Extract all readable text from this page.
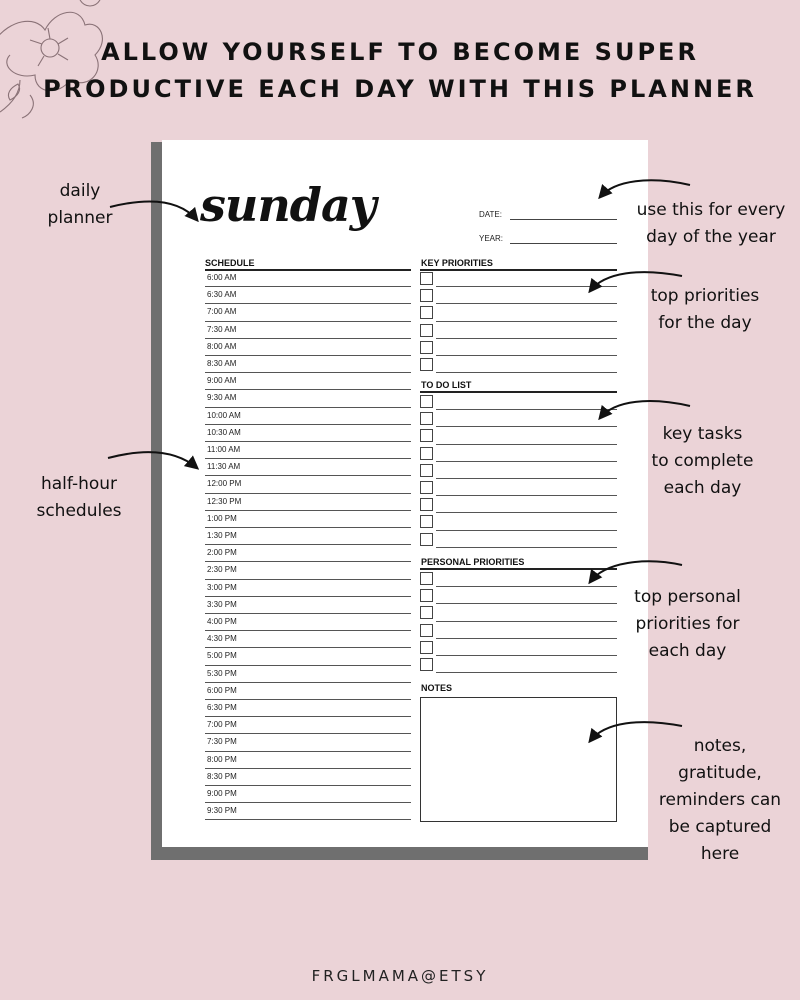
ALLOW YOURSELF TO BECOME SUPER
PRODUCTIVE EACH DAY WITH THIS PLANNER
sunday	DATE:
YEAR:
SCHEDULE
6:00 AM
6:30 AM
7:00 AM
7:30 AM
8:00 AM
8:30 AM
9:00 AM
9:30 AM
10:00 AM
10:30 AM
11:00 AM
11:30 AM
12:00 PM
12:30 PM
1:00 PM
1:30 PM
2:00 PM
2:30 PM
3:00 PM
3:30 PM
4:00 PM
4:30 PM
5:00 PM
5:30 PM
6:00 PM
6:30 PM
7:00 PM
7:30 PM
8:00 PM
8:30 PM
9:00 PM
9:30 PM
KEY PRIORITIES
TO DO LIST
PERSONAL PRIORITIES
NOTES
daily
planner
half-hour
schedules
use this for every
day of the year
top priorities
for the day
key tasks
to complete
each day
top personal
priorities for
each day
notes,
gratitude,
reminders can
be captured
here
FRGLMAMA@ETSY
